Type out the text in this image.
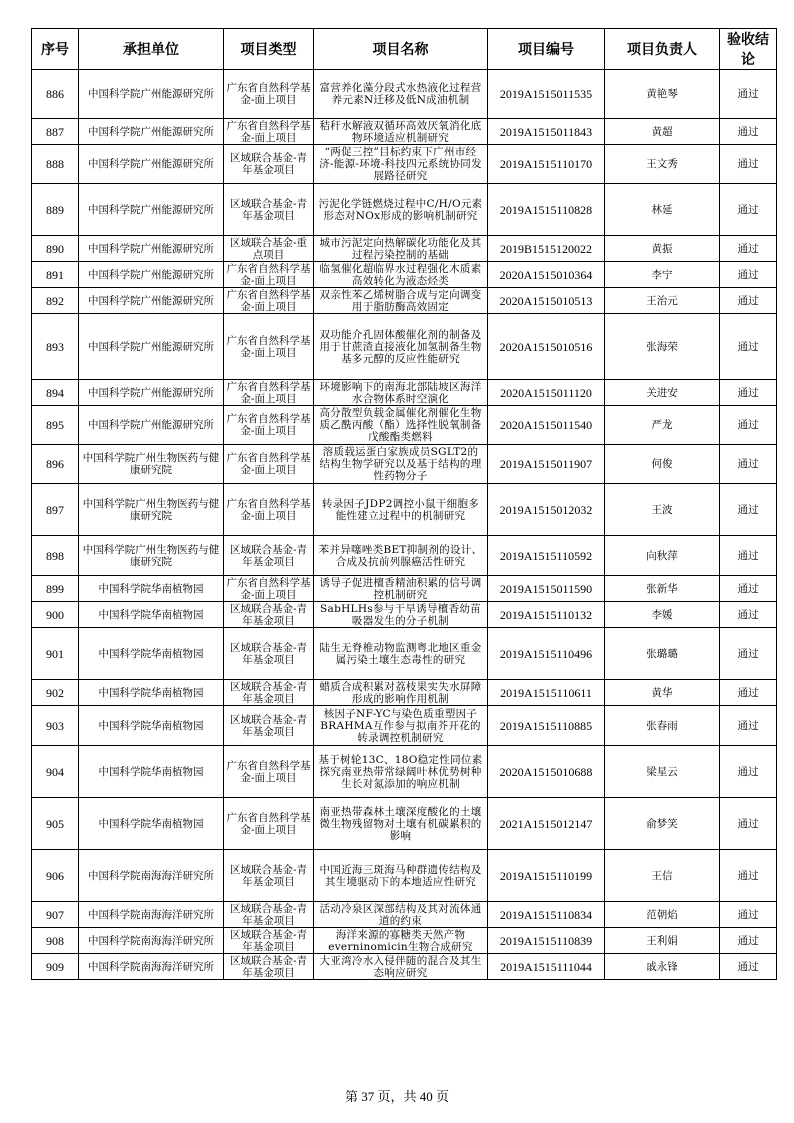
序号	承担单位	项目类型	项目名称	项目编号	项目负责人	验收结论
886	中国科学院广州能源研究所	广东省自然科学基金-面上项目	富营养化藻分段式水热液化过程营养元素N迁移及低N成油机制	2019A1515011535	黄艳琴	通过
887	中国科学院广州能源研究所	广东省自然科学基金-面上项目	秸秆水解液双循环高效厌氧消化底物环境适应机制研究	2019A1515011843	黄超	通过
888	中国科学院广州能源研究所	区域联合基金-青年基金项目	“两促三控”目标约束下广州市经济-能源-环境-科技四元系统协同发展路径研究	2019A1515110170	王文秀	通过
889	中国科学院广州能源研究所	区域联合基金-青年基金项目	污泥化学链燃烧过程中C/H/O元素形态对NOx形成的影响机制研究	2019A1515110828	林延	通过
890	中国科学院广州能源研究所	区域联合基金-重点项目	城市污泥定向热解碳化功能化及其过程污染控制的基础	2019B1515120022	黄振	通过
891	中国科学院广州能源研究所	广东省自然科学基金-面上项目	临氢催化超临界水过程强化木质素高效转化为液态烃类	2020A1515010364	李宁	通过
892	中国科学院广州能源研究所	广东省自然科学基金-面上项目	双亲性苯乙烯树脂合成与定向调变用于脂肪酶高效固定	2020A1515010513	王治元	通过
893	中国科学院广州能源研究所	广东省自然科学基金-面上项目	双功能介孔固体酸催化剂的制备及用于甘蔗渣直接液化加氢制备生物基多元醇的反应性能研究	2020A1515010516	张海荣	通过
894	中国科学院广州能源研究所	广东省自然科学基金-面上项目	环境影响下的南海北部陆坡区海洋水合物体系时空演化	2020A1515011120	关进安	通过
895	中国科学院广州能源研究所	广东省自然科学基金-面上项目	高分散型负载金属催化剂催化生物质乙酰丙酸（酯）选择性脱氧制备戊酸酯类燃料	2020A1515011540	严龙	通过
896	中国科学院广州生物医药与健康研究院	广东省自然科学基金-面上项目	溶质载运蛋白家族成员SGLT2的结构生物学研究以及基于结构的理性药物分子	2019A1515011907	何俊	通过
897	中国科学院广州生物医药与健康研究院	广东省自然科学基金-面上项目	转录因子JDP2调控小鼠干细胞多能性建立过程中的机制研究	2019A1515012032	王波	通过
898	中国科学院广州生物医药与健康研究院	区域联合基金-青年基金项目	苯并异噻唑类BET抑制剂的设计、合成及抗前列腺癌活性研究	2019A1515110592	向秋萍	通过
899	中国科学院华南植物园	广东省自然科学基金-面上项目	诱导子促进檀香精油积累的信号调控机制研究	2019A1515011590	张新华	通过
900	中国科学院华南植物园	区域联合基金-青年基金项目	SabHLHs参与干旱诱导檀香幼苗吸器发生的分子机制	2019A1515110132	李媛	通过
901	中国科学院华南植物园	区域联合基金-青年基金项目	陆生无脊椎动物监测粤北地区重金属污染土壤生态毒性的研究	2019A1515110496	张璐璐	通过
902	中国科学院华南植物园	区域联合基金-青年基金项目	蜡质合成积累对荔枝果实失水屏障形成的影响作用机制	2019A1515110611	黄华	通过
903	中国科学院华南植物园	区域联合基金-青年基金项目	核因子NF-YC与染色质重塑因子BRAHMA互作参与拟南芥开花的转录调控机制研究	2019A1515110885	张春雨	通过
904	中国科学院华南植物园	广东省自然科学基金-面上项目	基于树轮13C、18O稳定性同位素探究南亚热带常绿阔叶林优势树种生长对氮添加的响应机制	2020A1515010688	梁星云	通过
905	中国科学院华南植物园	广东省自然科学基金-面上项目	南亚热带森林土壤深度酸化的土壤微生物残留物对土壤有机碳累积的影响	2021A1515012147	俞梦笑	通过
906	中国科学院南海海洋研究所	区域联合基金-青年基金项目	中国近海三斑海马种群遗传结构及其生境驱动下的本地适应性研究	2019A1515110199	王信	通过
907	中国科学院南海海洋研究所	区域联合基金-青年基金项目	活动冷泉区深部结构及其对流体通道的约束	2019A1515110834	范朝焰	通过
908	中国科学院南海海洋研究所	区域联合基金-青年基金项目	海洋来源的寡糖类天然产物everninomicin生物合成研究	2019A1515110839	王利娟	通过
909	中国科学院南海海洋研究所	区域联合基金-青年基金项目	大亚湾冷水入侵伴随的混合及其生态响应研究	2019A1515111044	戚永锋	通过
第 37 页，共 40 页
